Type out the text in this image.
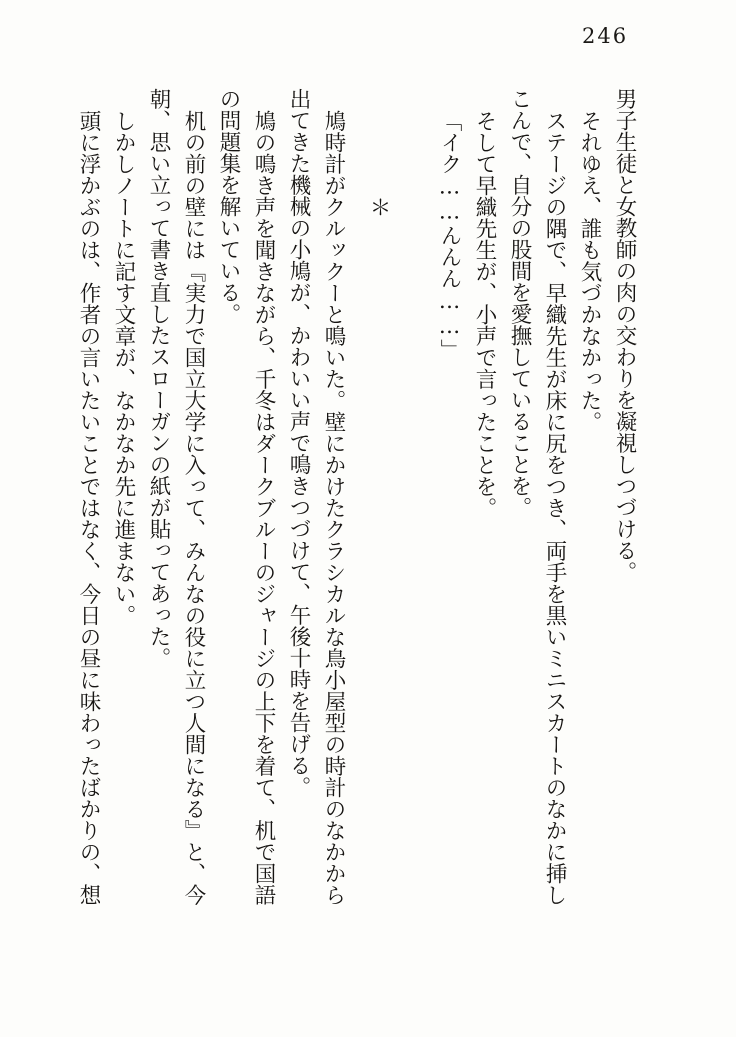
246

男子生徒と女教師の肉の交わりを凝視しつづける。

それゆえ、誰も気づかなかった。

ステージの隅で、早織先生が床に尻をつき、両手を黒いミニスカートのなかに挿しこんで、自分の股間を愛撫していることを。

そして早織先生が、小声で言ったことを。

「イク……んんん……」

＊

鳩時計がクルックーと鳴いた。壁にかけたクラシカルな鳥小屋型の時計のなかから出てきた機械の小鳩が、かわいい声で鳴きつづけて、午後十時を告げる。

鳩の鳴き声を聞きながら、千冬はダークブルーのジャージの上下を着て、机で国語の問題集を解いている。

机の前の壁には『実力で国立大学に入って、みんなの役に立つ人間になる』と、今朝、思い立って書き直したスローガンの紙が貼ってあった。

しかしノートに記す文章が、なかなか先に進まない。

頭に浮かぶのは、作者の言いたいことではなく、今日の昼に味わったばかりの、想
